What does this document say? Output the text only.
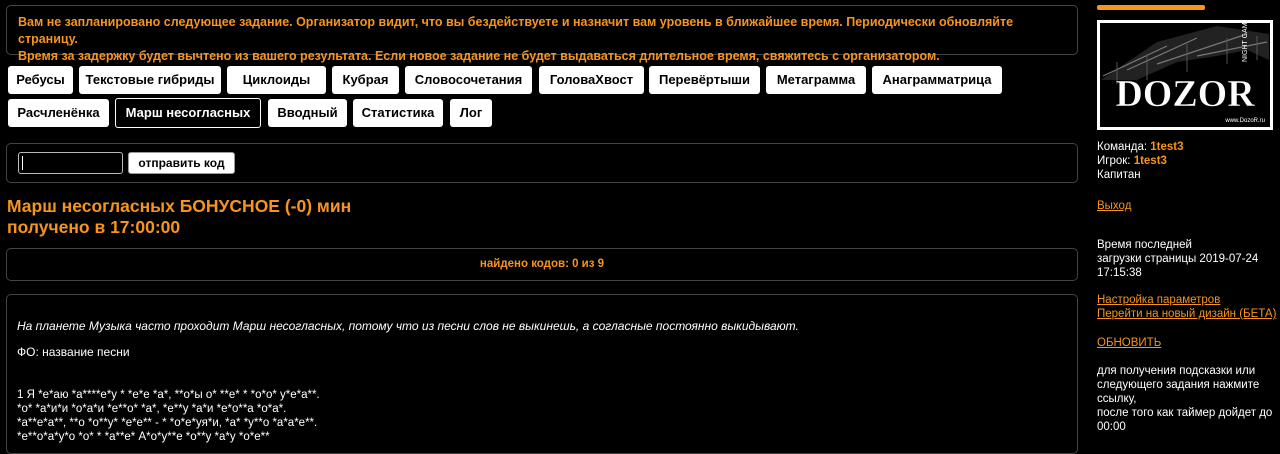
Вам не запланировано следующее задание. Организатор видит, что вы бездействуете и назначит вам уровень в ближайшее время. Периодически обновляйте страницу.
Время за задержку будет вычтено из вашего результата. Если новое задание не будет выдаваться длительное время, свяжитесь с организатором.
Ребусы	Текстовые гибриды	Циклоиды	Кубрая	Словосочетания	ГоловаХвост	Перевёртыши	Метаграмма	Анаграмматрица
Расчленёнка	Марш несогласных	Вводный	Статистика	Лог
отправить код
Марш несогласных БОНУСНОЕ (-0) мин
получено в 17:00:00
найдено кодов: 0 из 9

На планете Музыка часто проходит Марш несогласных, потому что из песни слов не выкинешь, а согласные постоянно выкидывают.

ФО: название песни

1 Я *е*аю *а****е*у * *е*е *а*, **о*ы о* **е* * *о*о* у*е*а**.
*о* *а*и*и *о*а*и *е**о* *а*, *е**у *а*и *е*о**а *о*а*.
*а**е*а**, **о *о**у* *е*е** - * *о*е*уя*и, *а* *у**о *а*а*е**.
*е**о*а*у*о *о* * *а**е* А*о*у**е *о**у *а*у *о*е**
NIGHT GAME
DOZOR
www.DozoR.ru
Команда: 1test3
Игрок: 1test3
Капитан
Выход
Время последней
загрузки страницы 2019-07-24
17:15:38
Настройка параметров
Перейти на новый дизайн (БЕТА)
ОБНОВИТЬ
для получения подсказки или
следующего задания нажмите
ссылку,
после того как таймер дойдет до
00:00
